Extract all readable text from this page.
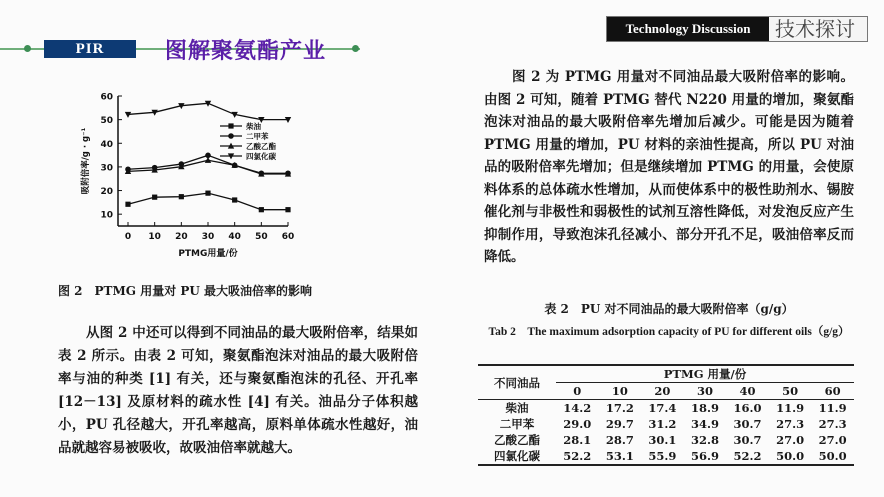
PIR	图解聚氨酯产业
Technology Discussion	技术探讨
10
20
30
40
50
60
0 10 20 30 40 50 60
PTMG用量/份
吸附倍率/g · g⁻¹
柴油
二甲苯
乙酸乙酯
四氯化碳
图 2　PTMG 用量对 PU 最大吸油倍率的影响

从图 2 中还可以得到不同油品的最大吸附倍率，结果如表 2 所示。由表 2 可知，聚氨酯泡沫对油品的最大吸附倍率与油的种类 [1] 有关，还与聚氨酯泡沫的孔径、开孔率 [12－13] 及原材料的疏水性 [4] 有关。油品分子体积越小，PU 孔径越大，开孔率越高，原料单体疏水性越好，油品就越容易被吸收，故吸油倍率就越大。

图 2 为 PTMG 用量对不同油品最大吸附倍率的影响。由图 2 可知，随着 PTMG 替代 N220 用量的增加，聚氨酯泡沫对油品的最大吸附倍率先增加后减少。可能是因为随着 PTMG 用量的增加，PU 材料的亲油性提高，所以 PU 对油品的吸附倍率先增加；但是继续增加 PTMG 的用量，会使原料体系的总体疏水性增加，从而使体系中的极性助剂水、锡胺催化剂与非极性和弱极性的试剂互溶性降低，对发泡反应产生抑制作用，导致泡沫孔径减小、部分开孔不足，吸油倍率反而降低。

表 2　PU 对不同油品的最大吸附倍率（g/g）
Tab 2　The maximum adsorption capacity of PU for different oils（g/g）
不同油品	PTMG 用量/份						
	0	10	20	30	40	50	60
柴油	14.2	17.2	17.4	18.9	16.0	11.9	11.9
二甲苯	29.0	29.7	31.2	34.9	30.7	27.3	27.3
乙酸乙酯	28.1	28.7	30.1	32.8	30.7	27.0	27.0
四氯化碳	52.2	53.1	55.9	56.9	52.2	50.0	50.0
